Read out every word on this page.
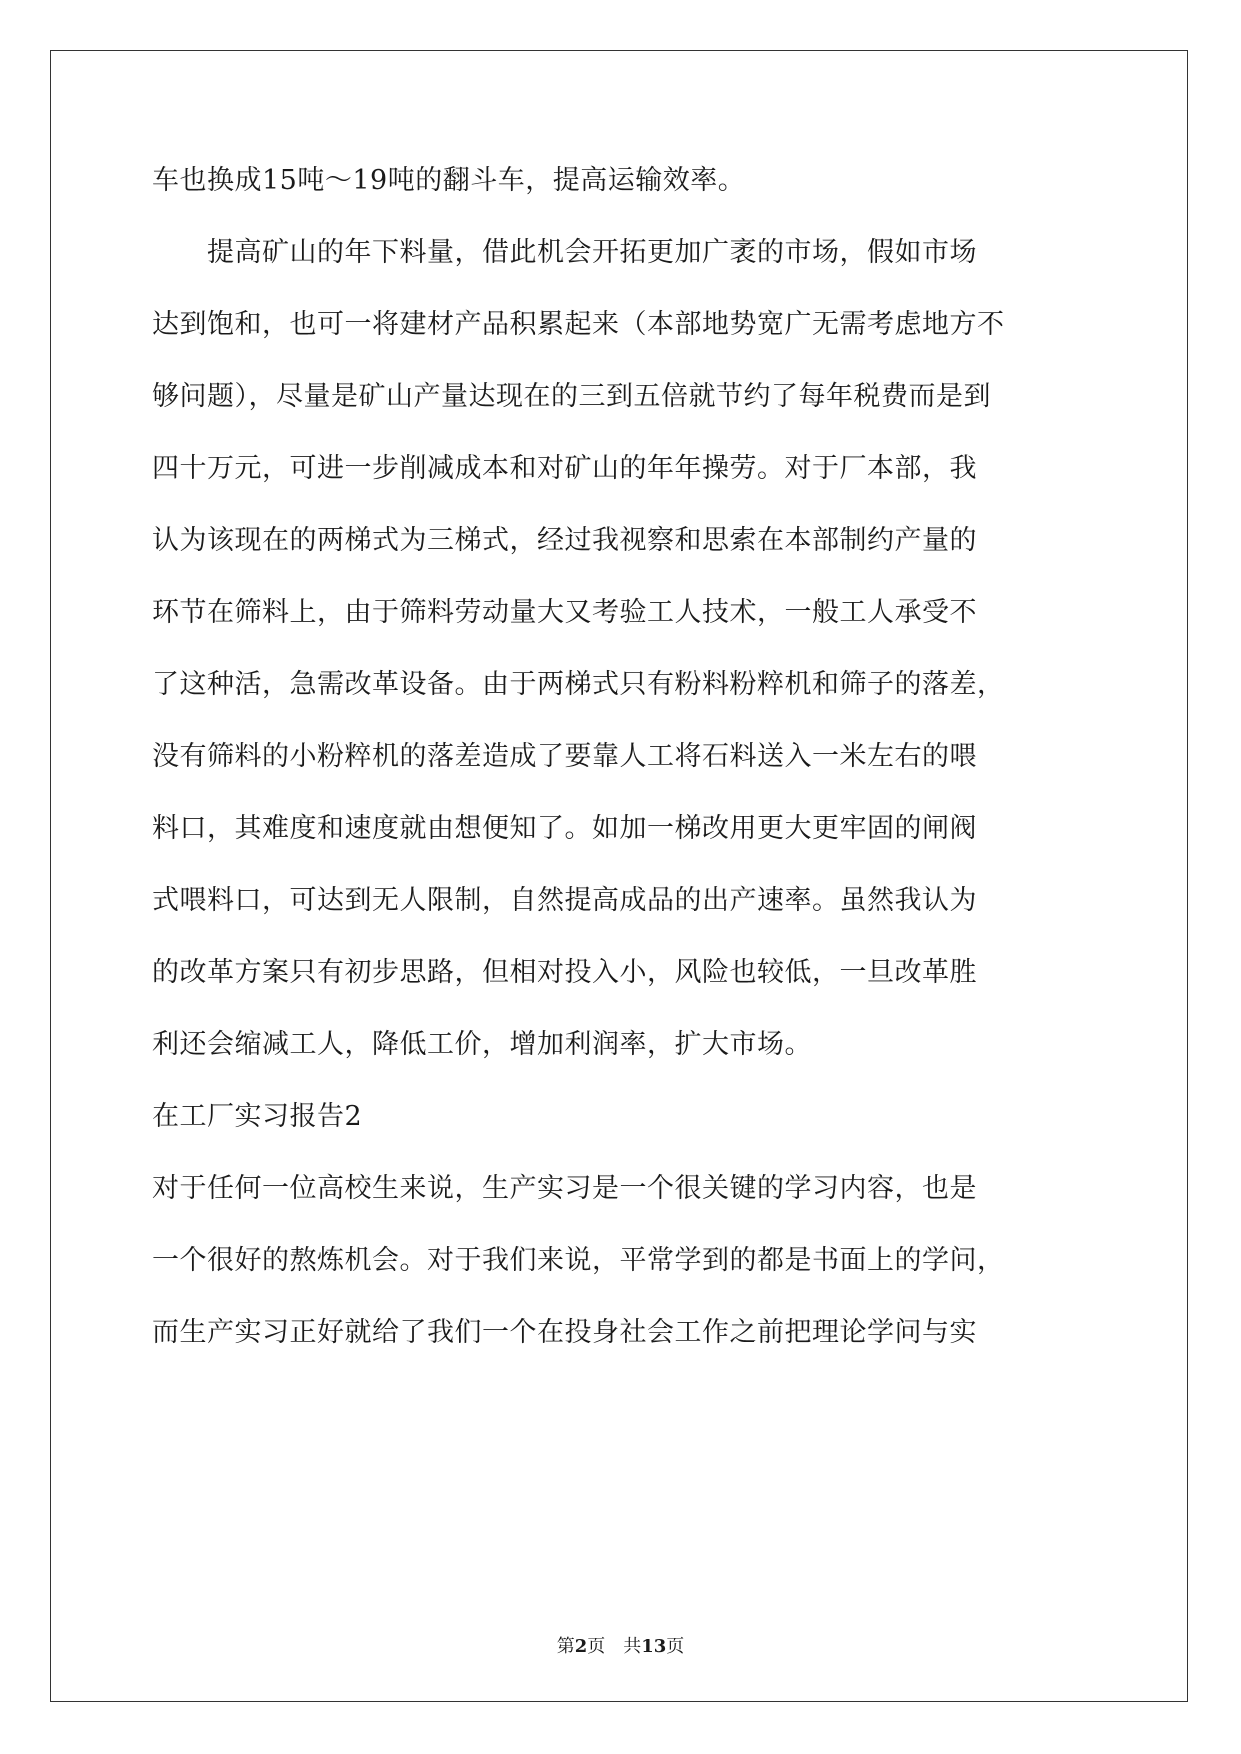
车也换成15吨～19吨的翻斗车，提高运输效率。
　　提高矿山的年下料量，借此机会开拓更加广袤的市场，假如市场
达到饱和，也可一将建材产品积累起来（本部地势宽广无需考虑地方不
够问题），尽量是矿山产量达现在的三到五倍就节约了每年税费而是到
四十万元，可进一步削减成本和对矿山的年年操劳。对于厂本部，我
认为该现在的两梯式为三梯式，经过我视察和思索在本部制约产量的
环节在筛料上，由于筛料劳动量大又考验工人技术，一般工人承受不
了这种活，急需改革设备。由于两梯式只有粉料粉粹机和筛子的落差，
没有筛料的小粉粹机的落差造成了要靠人工将石料送入一米左右的喂
料口，其难度和速度就由想便知了。如加一梯改用更大更牢固的闸阀
式喂料口，可达到无人限制，自然提高成品的出产速率。虽然我认为
的改革方案只有初步思路，但相对投入小，风险也较低，一旦改革胜
利还会缩减工人，降低工价，增加利润率，扩大市场。
在工厂实习报告2
对于任何一位高校生来说，生产实习是一个很关键的学习内容，也是
一个很好的熬炼机会。对于我们来说，平常学到的都是书面上的学问，
而生产实习正好就给了我们一个在投身社会工作之前把理论学问与实
第2页　共13页
